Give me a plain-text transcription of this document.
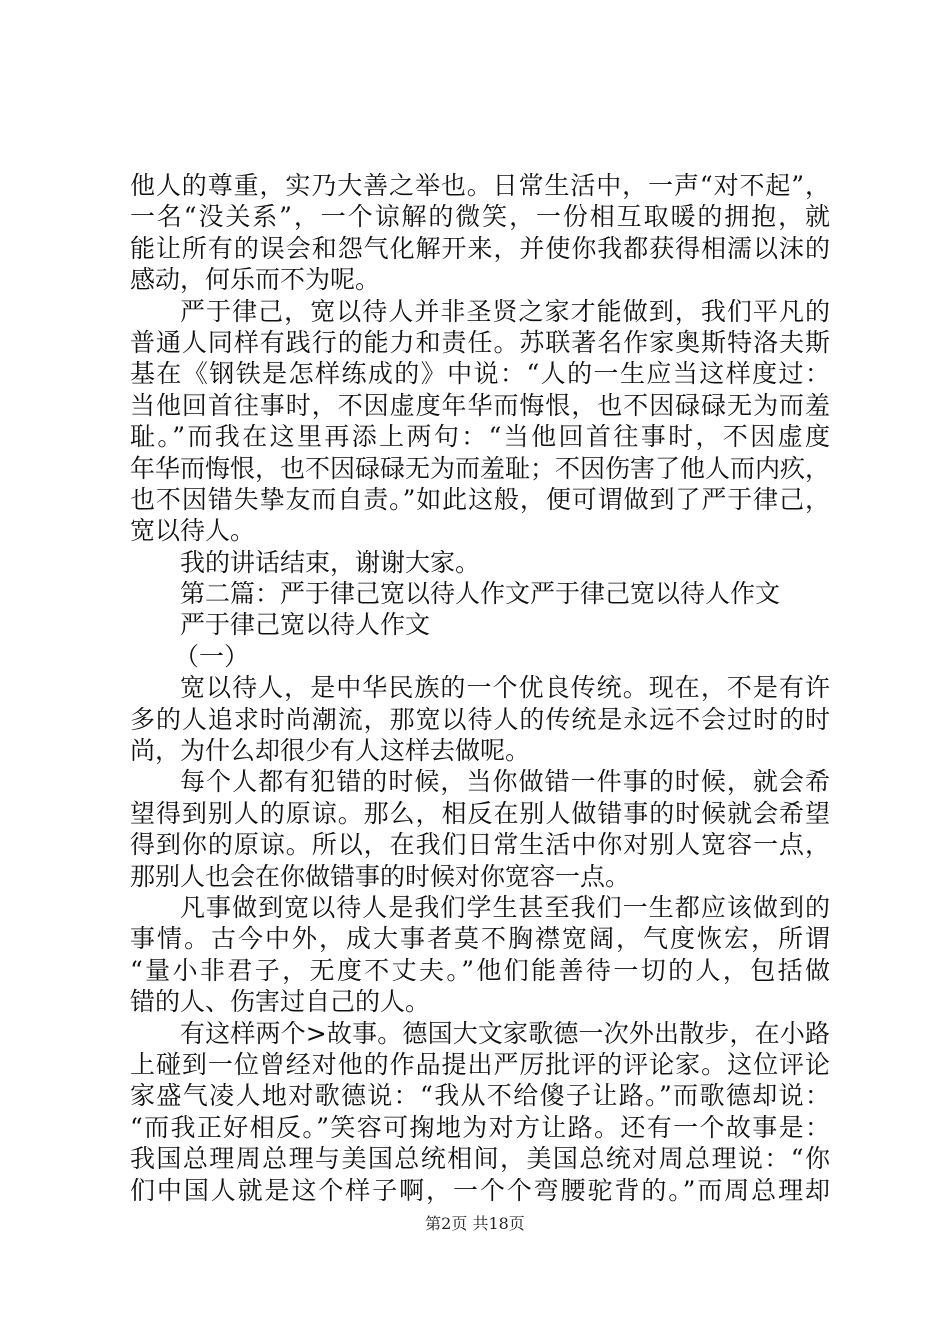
他人的尊重，实乃大善之举也。日常生活中，一声“对不起”，
一名“没关系”，一个谅解的微笑，一份相互取暖的拥抱，就
能让所有的误会和怨气化解开来，并使你我都获得相濡以沫的
感动，何乐而不为呢。
严于律己，宽以待人并非圣贤之家才能做到，我们平凡的
普通人同样有践行的能力和责任。苏联著名作家奥斯特洛夫斯
基在《钢铁是怎样练成的》中说：“人的一生应当这样度过：
当他回首往事时，不因虚度年华而悔恨，也不因碌碌无为而羞
耻。”而我在这里再添上两句：“当他回首往事时，不因虚度
年华而悔恨，也不因碌碌无为而羞耻；不因伤害了他人而内疚，
也不因错失挚友而自责。”如此这般，便可谓做到了严于律己，
宽以待人。
我的讲话结束，谢谢大家。
第二篇：严于律己宽以待人作文严于律己宽以待人作文
严于律己宽以待人作文
（一）
宽以待人，是中华民族的一个优良传统。现在，不是有许
多的人追求时尚潮流，那宽以待人的传统是永远不会过时的时
尚，为什么却很少有人这样去做呢。
每个人都有犯错的时候，当你做错一件事的时候，就会希
望得到别人的原谅。那么，相反在别人做错事的时候就会希望
得到你的原谅。所以，在我们日常生活中你对别人宽容一点，
那别人也会在你做错事的时候对你宽容一点。
凡事做到宽以待人是我们学生甚至我们一生都应该做到的
事情。古今中外，成大事者莫不胸襟宽阔，气度恢宏，所谓
“量小非君子，无度不丈夫。”他们能善待一切的人，包括做
错的人、伤害过自己的人。
有这样两个>故事。德国大文家歌德一次外出散步，在小路
上碰到一位曾经对他的作品提出严厉批评的评论家。这位评论
家盛气凌人地对歌德说：“我从不给傻子让路。”而歌德却说：
“而我正好相反。”笑容可掬地为对方让路。还有一个故事是：
我国总理周总理与美国总统相间，美国总统对周总理说：“你
们中国人就是这个样子啊，一个个弯腰驼背的。”而周总理却
第2页 共18页
